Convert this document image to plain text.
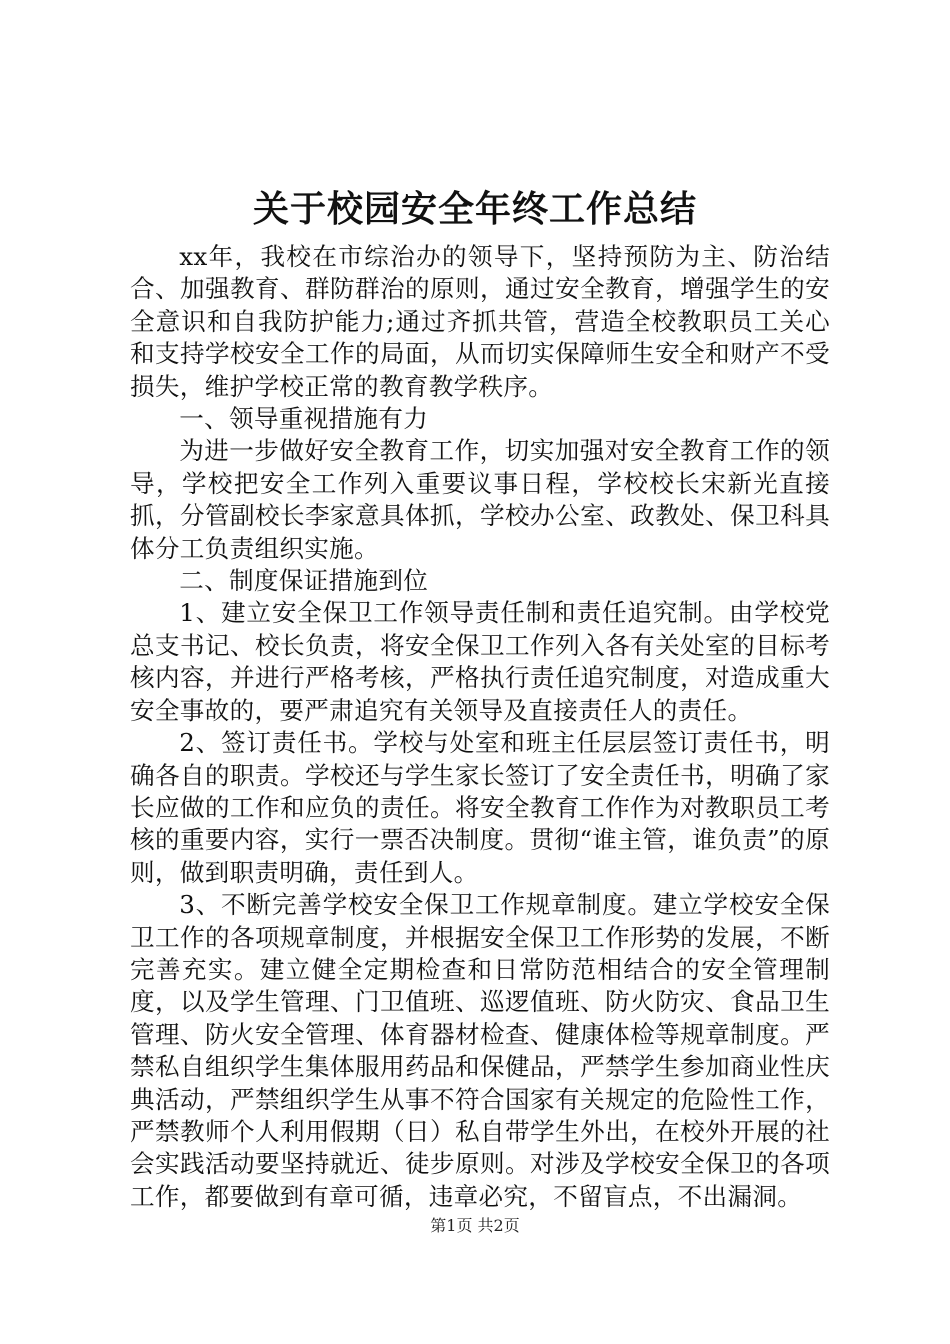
关于校园安全年终工作总结

xx年，我校在市综治办的领导下，坚持预防为主、防治结合、加强教育、群防群治的原则，通过安全教育，增强学生的安全意识和自我防护能力;通过齐抓共管，营造全校教职员工关心和支持学校安全工作的局面，从而切实保障师生安全和财产不受损失，维护学校正常的教育教学秩序。

一、领导重视措施有力

为进一步做好安全教育工作，切实加强对安全教育工作的领导，学校把安全工作列入重要议事日程，学校校长宋新光直接抓，分管副校长李家意具体抓，学校办公室、政教处、保卫科具体分工负责组织实施。

二、制度保证措施到位

1、建立安全保卫工作领导责任制和责任追究制。由学校党总支书记、校长负责，将安全保卫工作列入各有关处室的目标考核内容，并进行严格考核，严格执行责任追究制度，对造成重大安全事故的，要严肃追究有关领导及直接责任人的责任。

2、签订责任书。学校与处室和班主任层层签订责任书，明确各自的职责。学校还与学生家长签订了安全责任书，明确了家长应做的工作和应负的责任。将安全教育工作作为对教职员工考核的重要内容，实行一票否决制度。贯彻“谁主管，谁负责”的原则，做到职责明确，责任到人。

3、不断完善学校安全保卫工作规章制度。建立学校安全保卫工作的各项规章制度，并根据安全保卫工作形势的发展，不断完善充实。建立健全定期检查和日常防范相结合的安全管理制度，以及学生管理、门卫值班、巡逻值班、防火防灾、食品卫生管理、防火安全管理、体育器材检查、健康体检等规章制度。严禁私自组织学生集体服用药品和保健品，严禁学生参加商业性庆典活动，严禁组织学生从事不符合国家有关规定的危险性工作，严禁教师个人利用假期（日）私自带学生外出，在校外开展的社会实践活动要坚持就近、徒步原则。对涉及学校安全保卫的各项工作，都要做到有章可循，违章必究，不留盲点，不出漏洞。

第1页 共2页
